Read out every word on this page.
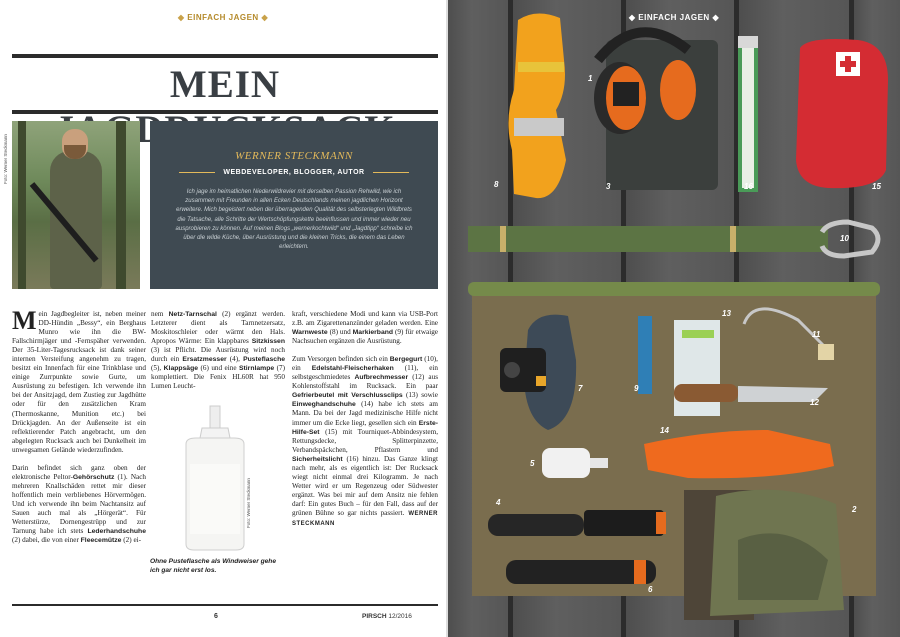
◆ EINFACH JAGEN ◆
MEIN
Foto: Werner Steckmann	WERNER STECKMANN
WEBDEVELOPER, BLOGGER, AUTOR
Ich jage im heimatlichen Niederwildrevier mit derselben Passion Rehwild, wie ich zusammen mit Freunden in allen Ecken Deutschlands meinen jagdlichen Horizont erweitere. Mich begeistert neben der überragenden Qualität des selbsterlegten Wildbrets die Tatsache, alle Schritte der Wertschöpfungskette beeinflussen und immer wieder neu ausprobieren zu können. Auf meinen Blogs „wernerkochtwild“ und „Jagdtipp“ schreibe ich über die wilde Küche, über Ausrüstung und die kleinen Tricks, die einem das Leben erleichtern.

Mein Jagdbegleiter ist, neben meiner DD-Hündin „Bessy“, ein Berghaus Munro wie ihn die BW-Fallschirmjäger und -Fernspäher verwenden. Der 35-Liter-Tagesrucksack ist dank seiner internen Versteifung angenehm zu tragen, besitzt ein Innenfach für eine Trinkblase und einige Zurrpunkte sowie Gurte, um Ausrüstung zu befestigen. Ich verwende ihn bei der Ansitzjagd, dem Zustieg zur Jagdhütte oder für den zusätzlichen Kram (Thermoskanne, Munition etc.) bei Drückjagden. An der Außenseite ist ein reflektierender Patch angebracht, um den abgelegten Rucksack auch bei Dunkelheit im unwegsamen Gelände wiederzufinden.

Darin befindet sich ganz oben der elektronische Peltor-Gehörschutz (1). Nach mehreren Knallschäden rettet mir dieser hoffentlich mein verbliebenes Hörvermögen. Und ich verwende ihn beim Nachtansitz auf Sauen auch mal als „Hörgerät“. Für Wetterstürze, Dornengestrüpp und zur Tarnung habe ich stets Lederhandschuhe (2) dabei, die von einer Fleecemütze (2) ei-

nem Netz-Tarnschal (2) ergänzt werden. Letzterer dient als Tarnnetzersatz, Moskitoschleier oder wärmt den Hals. Apropos Wärme: Ein klappbares Sitzkissen (3) ist Pflicht. Die Ausrüstung wird noch durch ein Ersatzmesser (4), Pusteflasche (5), Klappsäge (6) und eine Stirnlampe (7) komplettiert. Die Fenix HL60R hat 950 Lumen Leucht-

Foto: Werner Steckmann
Ohne Pusteflasche als Windweiser gehe ich gar nicht erst los.

kraft, verschiedene Modi und kann via USB-Port z.B. am Zigarettenanzünder geladen werden. Eine Warnweste (8) und Markierband (9) für etwaige Nachsuchen ergänzen die Ausrüstung.

Zum Versorgen befinden sich ein Bergegurt (10), ein Edelstahl-Fleischerhaken (11), ein selbstgeschmiedetes Aufbrechmesser (12) aus Kohlenstoffstahl im Rucksack. Ein paar Gefrierbeutel mit Verschlussclips (13) sowie Einweghandschuhe (14) habe ich stets am Mann. Da bei der Jagd medizinische Hilfe nicht immer um die Ecke liegt, gesellen sich ein Erste-Hilfe-Set (15) mit Tourniquet-Abbindesystem, Rettungsdecke, Splitterpinzette, Verbandspäckchen, Pflastern und Sicherheitslicht (16) hinzu. Das Ganze klingt nach mehr, als es eigentlich ist: Der Rucksack wiegt nicht einmal drei Kilogramm. Je nach Wetter wird er um Regenzeug oder Südwester ergänzt. Was bei mir auf dem Ansitz nie fehlen darf: Ein gutes Buch – für den Fall, dass auf der grünen Bühne so gar nichts passiert. WERNER STECKMANN

6	PIRSCH 12/2016
◆ EINFACH JAGEN ◆
1
2
3
4
5
6
7
8
9
10
11
12
13
14
15
16
